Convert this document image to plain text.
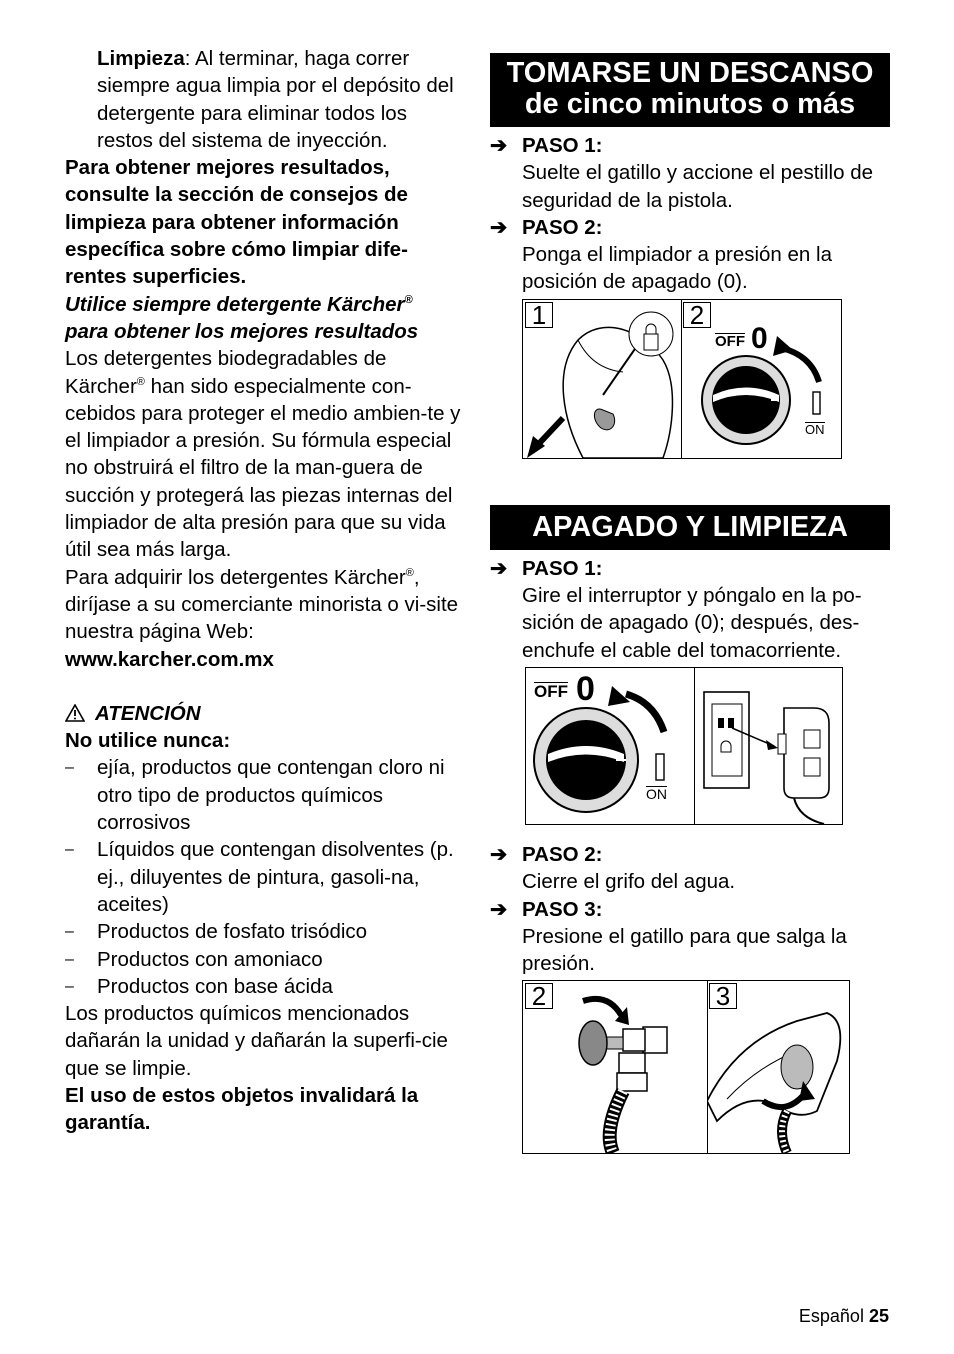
Limpieza: Al terminar, haga correr siempre agua limpia por el depósito del detergente para eliminar todos los restos del sistema de inyección.

Para obtener mejores resultados, consulte la sección de consejos de limpieza para obtener información específica sobre cómo limpiar dife-rentes superficies.

Utilice siempre detergente Kärcher®
para obtener los mejores resultados

Los detergentes biodegradables de Kärcher® han sido especialmente con-cebidos para proteger el medio ambien-te y el limpiador a presión. Su fórmula especial no obstruirá el filtro de la man-guera de succión y protegerá las piezas internas del limpiador de alta presión para que su vida útil sea más larga.

Para adquirir los detergentes Kärcher®, diríjase a su comerciante minorista o vi-site nuestra página Web:

www.karcher.com.mx

ATENCIÓN

No utilice nunca:

– ejía, productos que contengan cloro ni otro tipo de productos químicos corrosivos
– Líquidos que contengan disolventes (p. ej., diluyentes de pintura, gasoli-na, aceites)
– Productos de fosfato trisódico
– Productos con amoniaco
– Productos con base ácida

Los productos químicos mencionados dañarán la unidad y dañarán la superfi-cie que se limpie.

El uso de estos objetos invalidará la garantía.

TOMARSE UN DESCANSO
de cinco minutos o más
➔ PASO 1:

Suelte el gatillo y accione el pestillo de seguridad de la pistola.

➔ PASO 2:

Ponga el limpiador a presión en la posición de apagado (0).

1
OFF 0
ON
2
APAGADO Y LIMPIEZA
➔ PASO 1:

Gire el interruptor y póngalo en la po-sición de apagado (0); después, des-enchufe el cable del tomacorriente.

OFF 0
ON
➔ PASO 2:

Cierre el grifo del agua.

➔ PASO 3:

Presione el gatillo para que salga la presión.

2	3
Español 25
